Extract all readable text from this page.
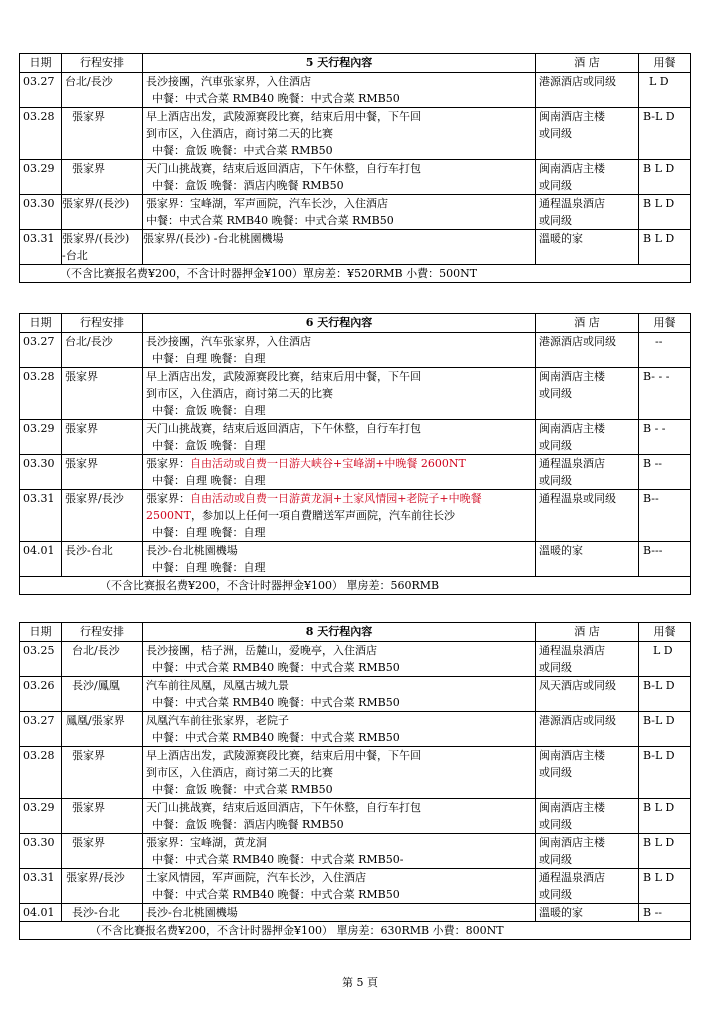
日期	行程安排	5 天行程內容	酒 店	用餐
03.27	台北/長沙	長沙接團，汽車张家界，入住酒店
中餐：中式合菜 RMB40 晚餐：中式合菜 RMB50	港源酒店或同级	L D
03.28	張家界	早上酒店出发，武陵源赛段比赛，结束后用中餐，下午回
到市区，入住酒店，商讨第二天的比赛
中餐：盒饭 晚餐：中式合菜 RMB50	闽南酒店主楼
或同级	B-L D
03.29	張家界	天门山挑战赛，结束后返回酒店，下午休整，自行车打包
中餐：盒饭 晚餐：酒店内晚餐 RMB50	闽南酒店主楼
或同级	B L D
03.30	張家界/(長沙)	張家界：宝峰湖，军声画院，汽车长沙，入住酒店
中餐：中式合菜 RMB40 晚餐：中式合菜 RMB50	通程温泉酒店
或同级	B L D
03.31	張家界/(長沙)
-台北	張家界/(長沙) -台北桃園機場	溫暖的家	B L D
（不含比赛报名费¥200，不含计时器押金¥100）單房差：¥520RMB 小費：500NT				
日期	行程安排	6 天行程內容	酒 店	用餐
03.27	台北/長沙	長沙接團，汽车张家界，入住酒店
中餐：自理 晚餐：自理	港源酒店或同级	--
03.28	張家界	早上酒店出发，武陵源赛段比赛，结束后用中餐，下午回
到市区，入住酒店，商讨第二天的比赛
中餐：盒饭 晚餐：自理	闽南酒店主楼
或同级	B- - -
03.29	張家界	天门山挑战赛，结束后返回酒店，下午休整，自行车打包
中餐：盒饭 晚餐：自理	闽南酒店主楼
或同级	B - -
03.30	張家界	張家界：自由活动或自费一日游大峡谷+宝峰湖+中晚餐 2600NT
中餐：自理 晚餐：自理	通程温泉酒店
或同级	B --
03.31	張家界/長沙	張家界：自由活动或自费一日游黄龙洞+土家风情园+老院子+中晚餐
2500NT，参加以上任何一項自費贈送军声画院，汽车前往长沙
中餐：自理 晚餐：自理	通程温泉或同级	B--
04.01	長沙-台北	長沙-台北桃園機場
中餐：自理 晚餐：自理	溫暖的家	B---
（不含比赛报名费¥200，不含计时器押金¥100） 單房差：560RMB				
日期	行程安排	8 天行程內容	酒 店	用餐
03.25	台北/長沙	長沙接團，桔子洲，岳麓山，爱晚亭，入住酒店
中餐：中式合菜 RMB40 晚餐：中式合菜 RMB50	通程温泉酒店
或同级	L D
03.26	長沙/鳳凰	汽车前往凤凰，凤凰古城九景
中餐：中式合菜 RMB40 晚餐：中式合菜 RMB50	凤天酒店或同级	B-L D
03.27	鳳凰/張家界	凤凰汽车前往张家界，老院子
中餐：中式合菜 RMB40 晚餐：中式合菜 RMB50	港源酒店或同级	B-L D
03.28	張家界	早上酒店出发，武陵源赛段比赛，结束后用中餐，下午回
到市区，入住酒店，商讨第二天的比赛
中餐：盒饭 晚餐：中式合菜 RMB50	闽南酒店主楼
或同级	B-L D
03.29	張家界	天门山挑战赛，结束后返回酒店，下午休整，自行车打包
中餐：盒饭 晚餐：酒店内晚餐 RMB50	闽南酒店主楼
或同级	B L D
03.30	張家界	張家界：宝峰湖，黄龙洞
中餐：中式合菜 RMB40 晚餐：中式合菜 RMB50-	闽南酒店主楼
或同级	B L D
03.31	張家界/長沙	土家风情园，军声画院，汽车长沙，入住酒店
中餐：中式合菜 RMB40 晚餐：中式合菜 RMB50	通程温泉酒店
或同级	B L D
04.01	長沙-台北	長沙-台北桃園機場	溫暖的家	B --
（不含比賽报名费¥200，不含计时器押金¥100） 單房差：630RMB 小費：800NT				
第 5 頁
